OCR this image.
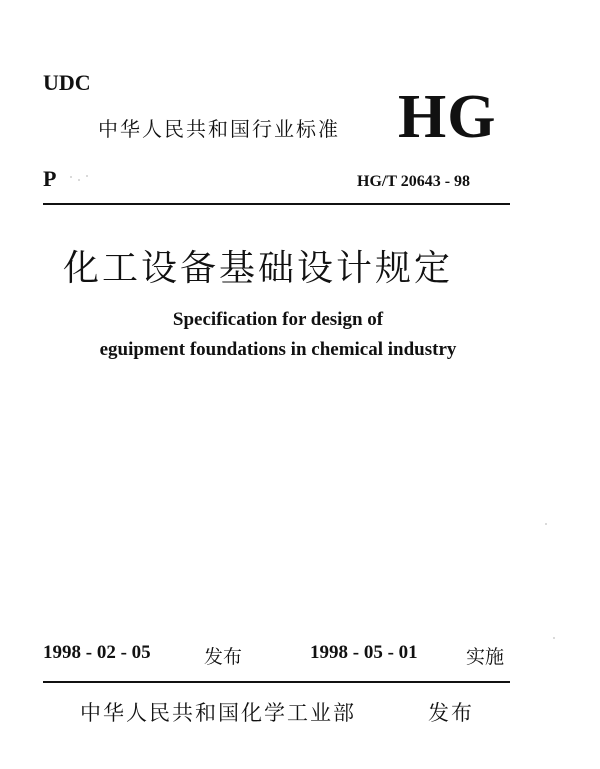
UDC
中华人民共和国行业标准 HG
P	HG/T 20643 - 98
化工设备基础设计规定
Specification for design of
eguipment foundations in chemical industry
1998 - 02 - 05	发布	1998 - 05 - 01	实施
中华人民共和国化学工业部	发布
